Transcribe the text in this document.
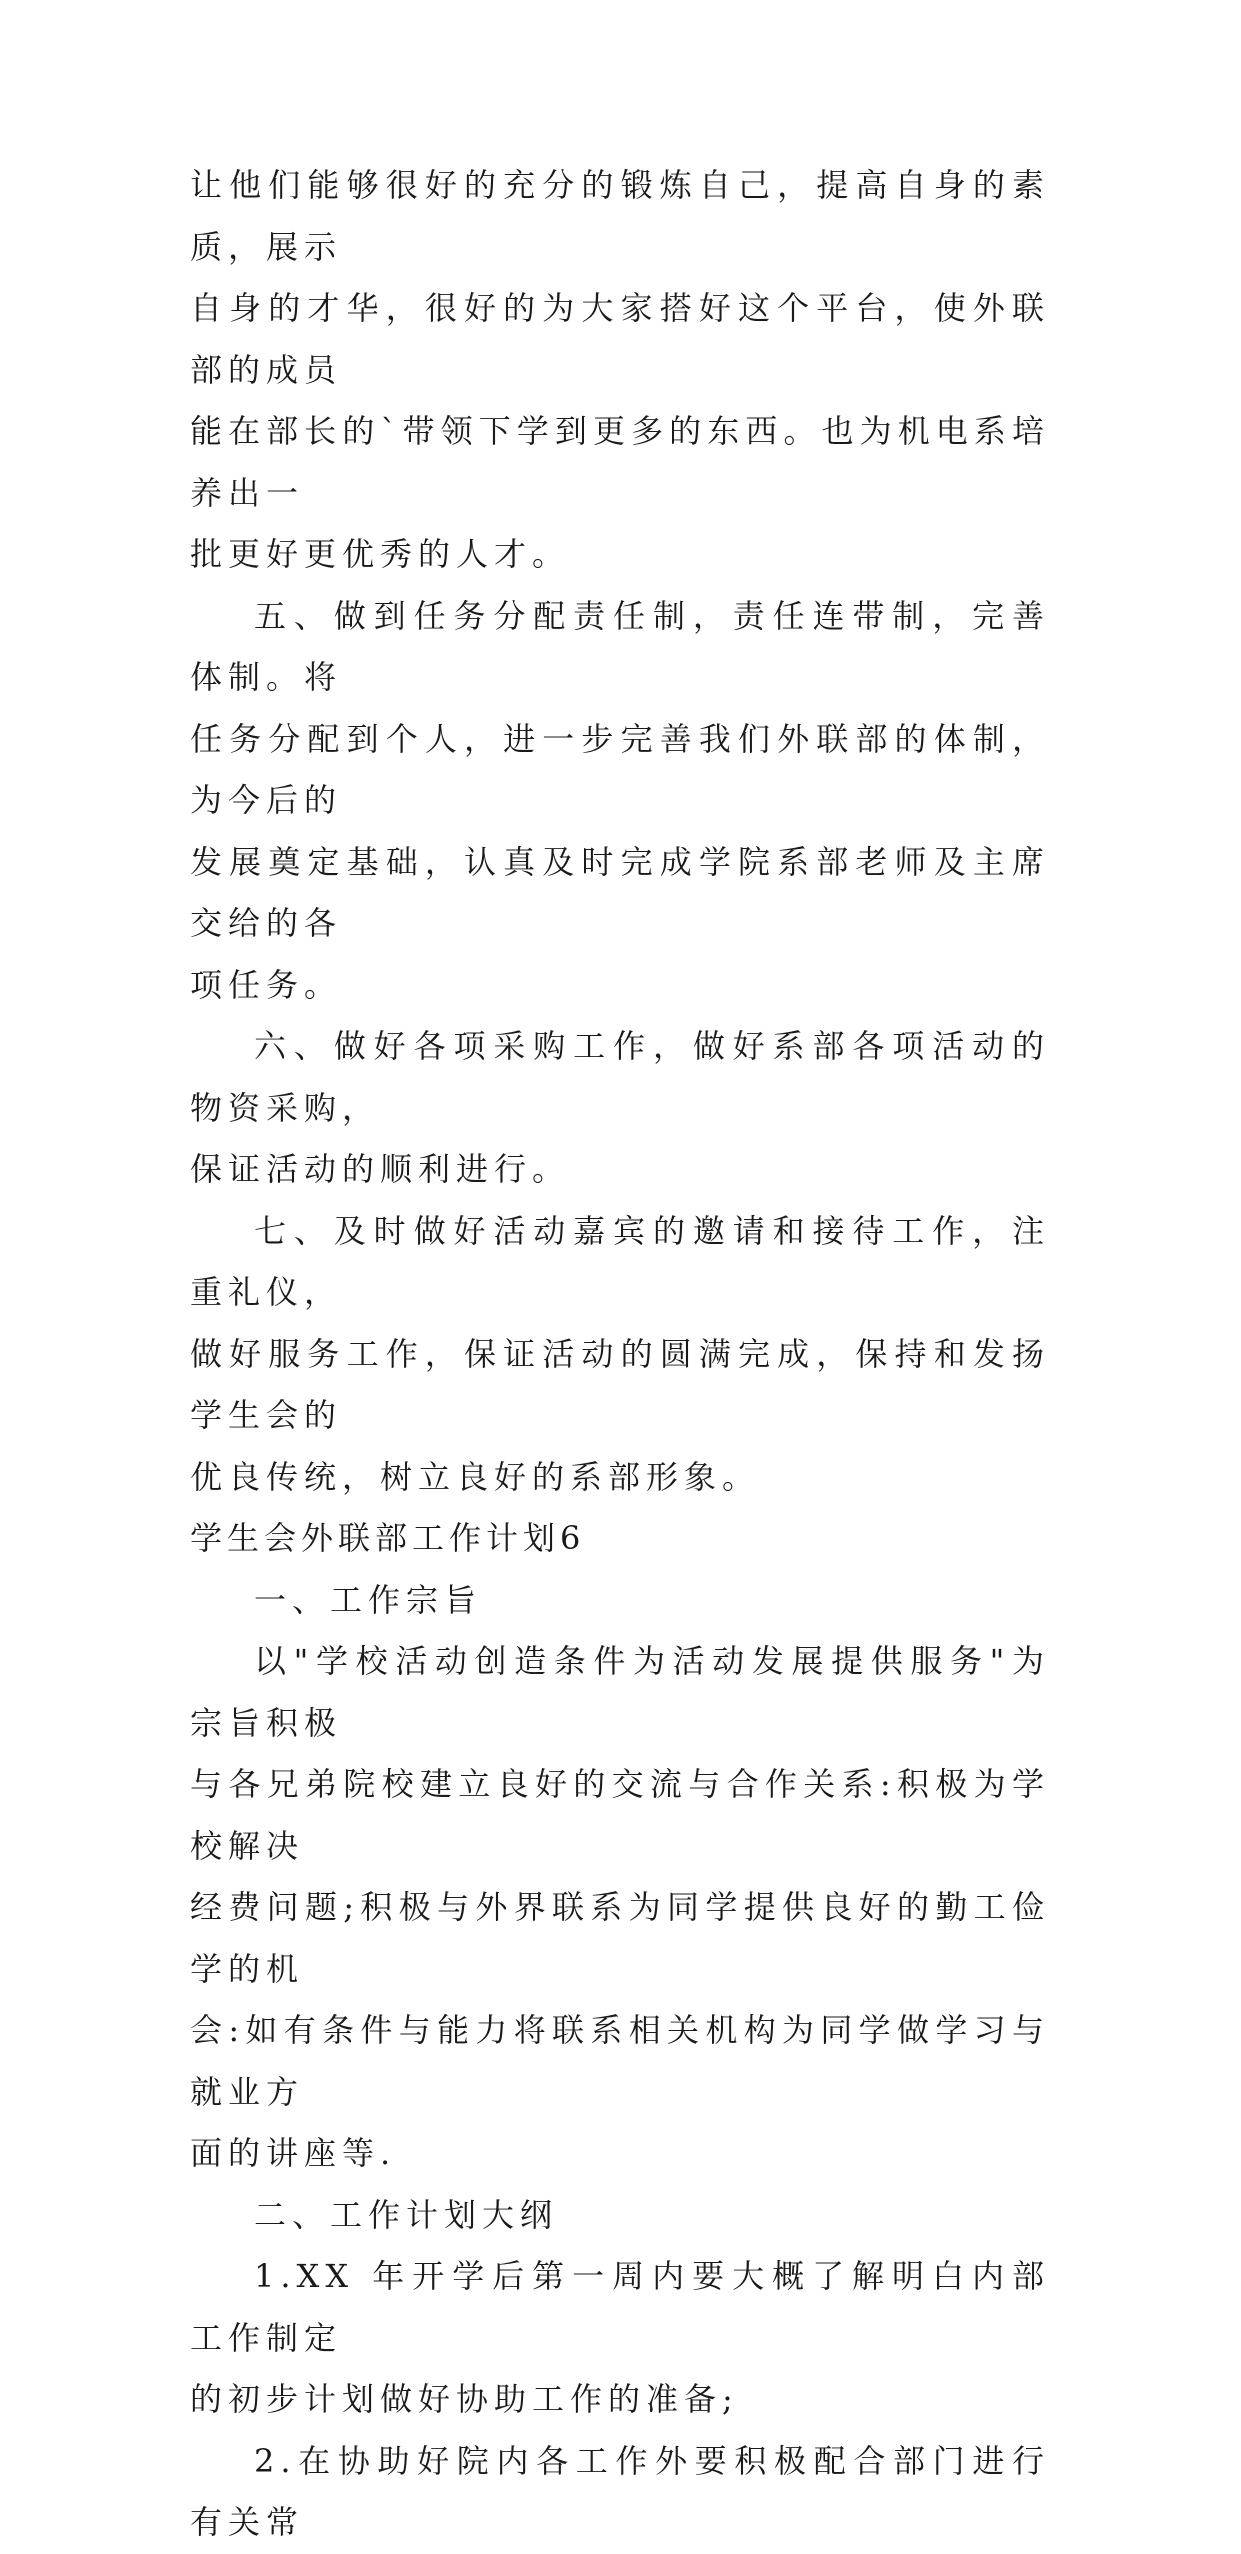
让他们能够很好的充分的锻炼自己，提高自身的素质，展示
自身的才华，很好的为大家搭好这个平台，使外联部的成员
能在部长的`带领下学到更多的东西。也为机电系培养出一
批更好更优秀的人才。

五、做到任务分配责任制，责任连带制，完善体制。将
任务分配到个人，进一步完善我们外联部的体制，为今后的
发展奠定基础，认真及时完成学院系部老师及主席交给的各
项任务。

六、做好各项采购工作，做好系部各项活动的物资采购，
保证活动的顺利进行。

七、及时做好活动嘉宾的邀请和接待工作，注重礼仪，
做好服务工作，保证活动的圆满完成，保持和发扬学生会的
优良传统，树立良好的系部形象。

学生会外联部工作计划6

一、工作宗旨

以"学校活动创造条件为活动发展提供服务"为宗旨积极
与各兄弟院校建立良好的交流与合作关系:积极为学校解决
经费问题;积极与外界联系为同学提供良好的勤工俭学的机
会:如有条件与能力将联系相关机构为同学做学习与就业方
面的讲座等.

二、工作计划大纲

1.XX 年开学后第一周内要大概了解明白内部工作制定
的初步计划做好协助工作的准备;

2.在协助好院内各工作外要积极配合部门进行有关常
